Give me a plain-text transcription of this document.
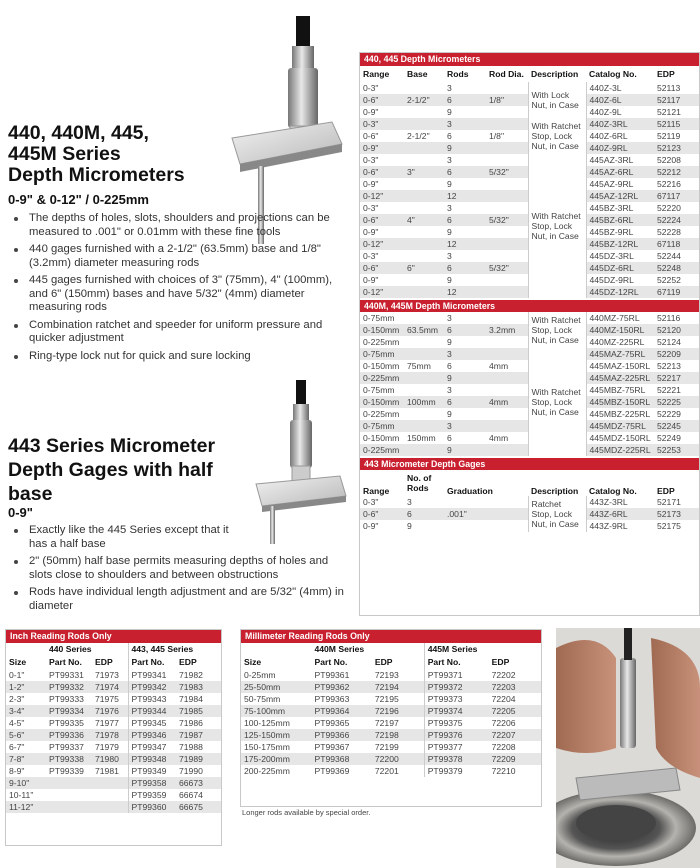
440, 440M, 445,
445M Series
Depth Micrometers
0-9" & 0-12" / 0-225mm
The depths of holes, slots, shoulders and projections can be measured to .001" or 0.01mm with these fine tools
440 gages furnished with a 2-1/2" (63.5mm) base and 1/8" (3.2mm) diameter measuring rods
445 gages furnished with choices of 3" (75mm), 4" (100mm), and 6" (150mm) bases and have 5/32" (4mm) diameter measuring rods
Combination ratchet and speeder for uniform pressure and quicker adjustment
Ring-type lock nut for quick and sure locking
443 Series Micrometer
Depth Gages with half
base
0-9"
Exactly like the 445 Series except that it has a half base
2" (50mm) half base permits measuring depths of holes and slots close to shoulders and between obstructions
Rods have individual length adjustment and are 5/32" (4mm) in diameter
440, 445 Depth Micrometers
Range	Base	Rods	Rod Dia.	Description	Catalog No.	EDP
0-3"		3		With Lock Nut, in Case	440Z-3L	52113
0-6"	2-1/2"	6	1/8"		440Z-6L	52117
0-9"		9			440Z-9L	52121
0-3"		3		With Ratchet Stop, Lock Nut, in Case	440Z-3RL	52115
0-6"	2-1/2"	6	1/8"		440Z-6RL	52119
0-9"		9			440Z-9RL	52123
0-3"		3		With Ratchet Stop, Lock Nut, in Case	445AZ-3RL	52208
0-6"	3"	6	5/32"		445AZ-6RL	52212
0-9"		9			445AZ-9RL	52216
0-12"		12			445AZ-12RL	67117
0-3"		3			445BZ-3RL	52220
0-6"	4"	6	5/32"		445BZ-6RL	52224
0-9"		9			445BZ-9RL	52228
0-12"		12			445BZ-12RL	67118
0-3"		3			445DZ-3RL	52244
0-6"	6"	6	5/32"		445DZ-6RL	52248
0-9"		9			445DZ-9RL	52252
0-12"		12			445DZ-12RL	67119
440M, 445M Depth Micrometers
0-75mm		3		With Ratchet Stop, Lock Nut, in Case	440MZ-75RL	52116
0-150mm	63.5mm	6	3.2mm		440MZ-150RL	52120
0-225mm		9			440MZ-225RL	52124
0-75mm		3		With Ratchet Stop, Lock Nut, in Case	445MAZ-75RL	52209
0-150mm	75mm	6	4mm		445MAZ-150RL	52213
0-225mm		9			445MAZ-225RL	52217
0-75mm		3			445MBZ-75RL	52221
0-150mm	100mm	6	4mm		445MBZ-150RL	52225
0-225mm		9			445MBZ-225RL	52229
0-75mm		3			445MDZ-75RL	52245
0-150mm	150mm	6	4mm		445MDZ-150RL	52249
0-225mm		9			445MDZ-225RL	52253
443 Micrometer Depth Gages
Range	No. of Rods	Graduation	Description	Catalog No.	EDP
0-3"	3		Ratchet Stop, Lock Nut, in Case	443Z-3RL	52171
0-6"	6	.001"		443Z-6RL	52173
0-9"	9			443Z-9RL	52175
Inch Reading Rods Only
	440 Series		443, 445 Series	
Size	Part No.	EDP	Part No.	EDP
0-1"	PT99331	71973	PT99341	71982
1-2"	PT99332	71974	PT99342	71983
2-3"	PT99333	71975	PT99343	71984
3-4"	PT99334	71976	PT99344	71985
4-5"	PT99335	71977	PT99345	71986
5-6"	PT99336	71978	PT99346	71987
6-7"	PT99337	71979	PT99347	71988
7-8"	PT99338	71980	PT99348	71989
8-9"	PT99339	71981	PT99349	71990
9-10"			PT99358	66673
10-11"			PT99359	66674
11-12"			PT99360	66675
Millimeter Reading Rods Only
	440M Series		445M Series	
Size	Part No.	EDP	Part No.	EDP
0-25mm	PT99361	72193	PT99371	72202
25-50mm	PT99362	72194	PT99372	72203
50-75mm	PT99363	72195	PT99373	72204
75-100mm	PT99364	72196	PT99374	72205
100-125mm	PT99365	72197	PT99375	72206
125-150mm	PT99366	72198	PT99376	72207
150-175mm	PT99367	72199	PT99377	72208
175-200mm	PT99368	72200	PT99378	72209
200-225mm	PT99369	72201	PT99379	72210
Longer rods available by special order.
